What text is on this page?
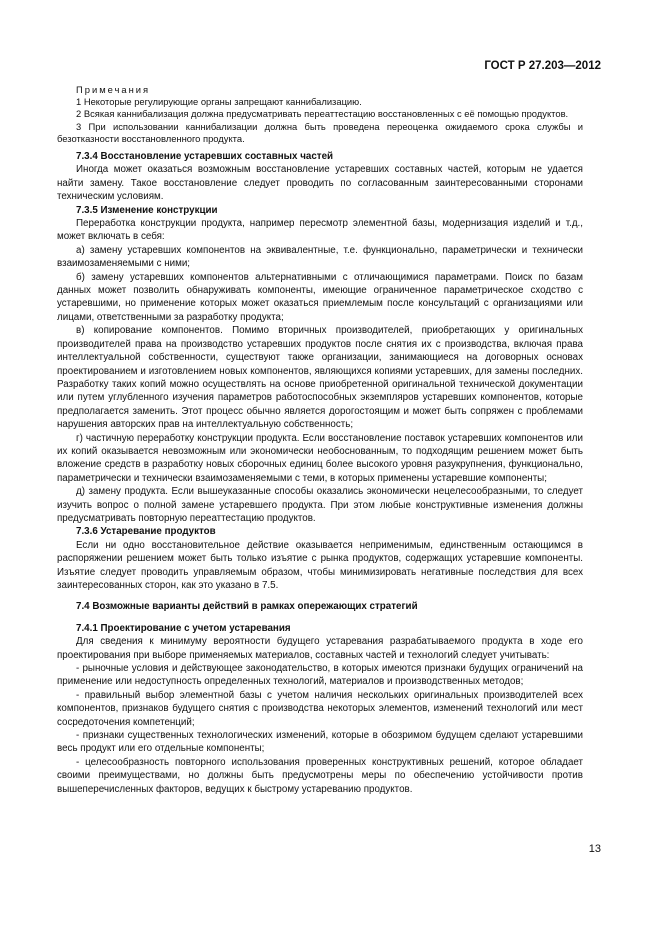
ГОСТ Р 27.203—2012

Примечания

1 Некоторые регулирующие органы запрещают каннибализацию.

2 Всякая каннибализация должна предусматривать переаттестацию восстановленных с её помощью продуктов.

3 При использовании каннибализации должна быть проведена переоценка ожидаемого срока службы и безотказности восстановленного продукта.

7.3.4 Восстановление устаревших составных частей

Иногда может оказаться возможным восстановление устаревших составных частей, которым не удается найти замену. Такое восстановление следует проводить по согласованным заинтересованными сторонами техническим условиям.

7.3.5 Изменение конструкции

Переработка конструкции продукта, например пересмотр элементной базы, модернизация изделий и т.д., может включать в себя:

а) замену устаревших компонентов на эквивалентные, т.е. функционально, параметрически и технически взаимозаменяемыми с ними;

б) замену устаревших компонентов альтернативными с отличающимися параметрами. Поиск по базам данных может позволить обнаруживать компоненты, имеющие ограниченное параметрическое сходство с устаревшими, но применение которых может оказаться приемлемым после консультаций с организациями или лицами, ответственными за разработку продукта;

в) копирование компонентов. Помимо вторичных производителей, приобретающих у оригинальных производителей права на производство устаревших продуктов после снятия их с производства, включая права интеллектуальной собственности, существуют также организации, занимающиеся на договорных основах проектированием и изготовлением новых компонентов, являющихся копиями устаревших, для замены последних. Разработку таких копий можно осуществлять на основе приобретенной оригинальной технической документации или путем углубленного изучения параметров работоспособных экземпляров устаревших компонентов, которые предполагается заменить. Этот процесс обычно является дорогостоящим и может быть сопряжен с проблемами нарушения авторских прав на интеллектуальную собственность;

г) частичную переработку конструкции продукта. Если восстановление поставок устаревших компонентов или их копий оказывается невозможным или экономически необоснованным, то подходящим решением может быть вложение средств в разработку новых сборочных единиц более высокого уровня разукрупнения, функционально, параметрически и технически взаимозаменяемыми с теми, в которых применены устаревшие компоненты;

д) замену продукта. Если вышеуказанные способы оказались экономически нецелесообразными, то следует изучить вопрос о полной замене устаревшего продукта. При этом любые конструктивные изменения должны предусматривать повторную переаттестацию продуктов.

7.3.6 Устаревание продуктов

Если ни одно восстановительное действие оказывается неприменимым, единственным остающимся в распоряжении решением может быть только изъятие с рынка продуктов, содержащих устаревшие компоненты. Изъятие следует проводить управляемым образом, чтобы минимизировать негативные последствия для всех заинтересованных сторон, как это указано в 7.5.

7.4 Возможные варианты действий в рамках опережающих стратегий

7.4.1 Проектирование с учетом устаревания

Для сведения к минимуму вероятности будущего устаревания разрабатываемого продукта в ходе его проектирования при выборе применяемых материалов, составных частей и технологий следует учитывать:

- рыночные условия и действующее законодательство, в которых имеются признаки будущих ограничений на применение или недоступность определенных технологий, материалов и производственных методов;

- правильный выбор элементной базы с учетом наличия нескольких оригинальных производителей всех компонентов, признаков будущего снятия с производства некоторых элементов, изменений технологий или мест сосредоточения компетенций;

- признаки существенных технологических изменений, которые в обозримом будущем сделают устаревшими весь продукт или его отдельные компоненты;

- целесообразность повторного использования проверенных конструктивных решений, которое обладает своими преимуществами, но должны быть предусмотрены меры по обеспечению устойчивости против вышеперечисленных факторов, ведущих к быстрому устареванию продуктов.

13
